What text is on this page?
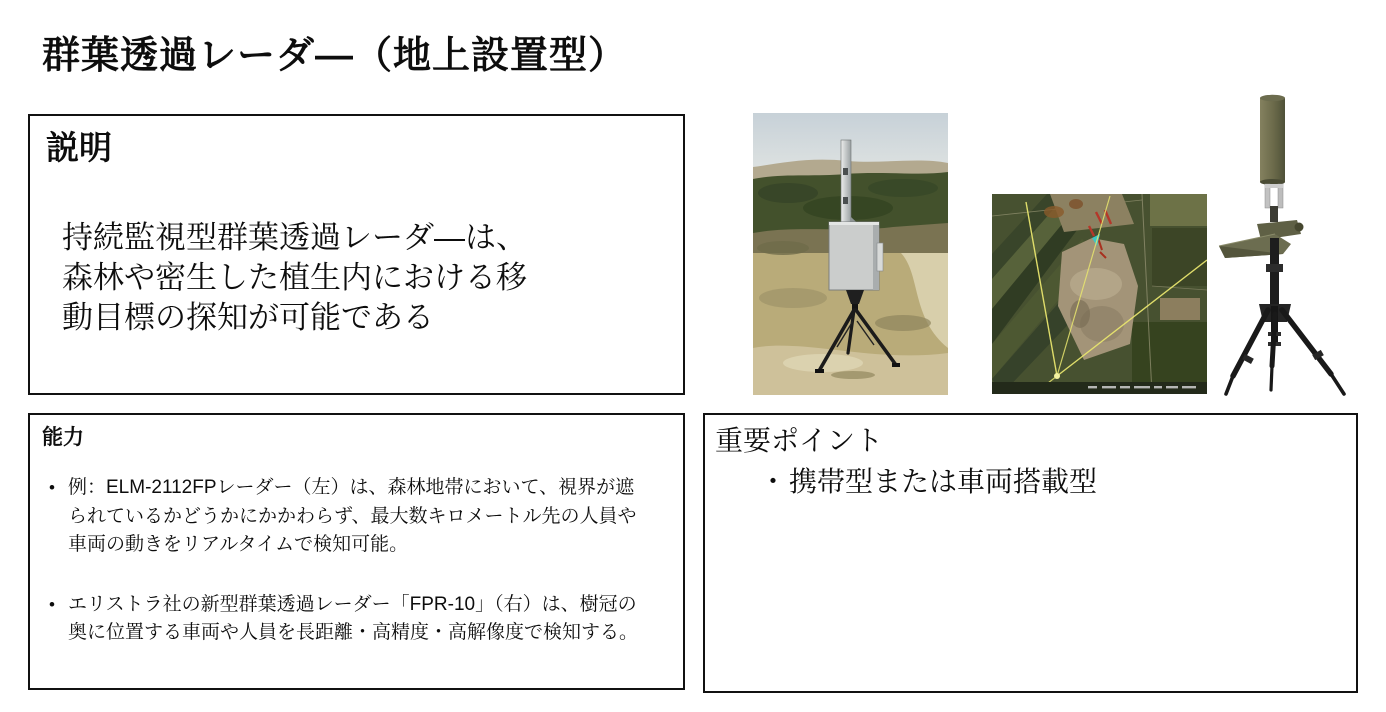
群葉透過レーダ—（地上設置型）
説明
持続監視型群葉透過レーダ—は、
森林や密生した植生内における移
動目標の探知が可能である
能力
• 例：ELM-2112FPレーダー（左）は、森林地帯において、視界が遮られているかどうかにかかわらず、最大数キロメートル先の人員や車両の動きをリアルタイムで検知可能。
• エリストラ社の新型群葉透過レーダー「FPR-10」（右）は、樹冠の奥に位置する車両や人員を長距離・高精度・高解像度で検知する。
重要ポイント
・携帯型または車両搭載型
